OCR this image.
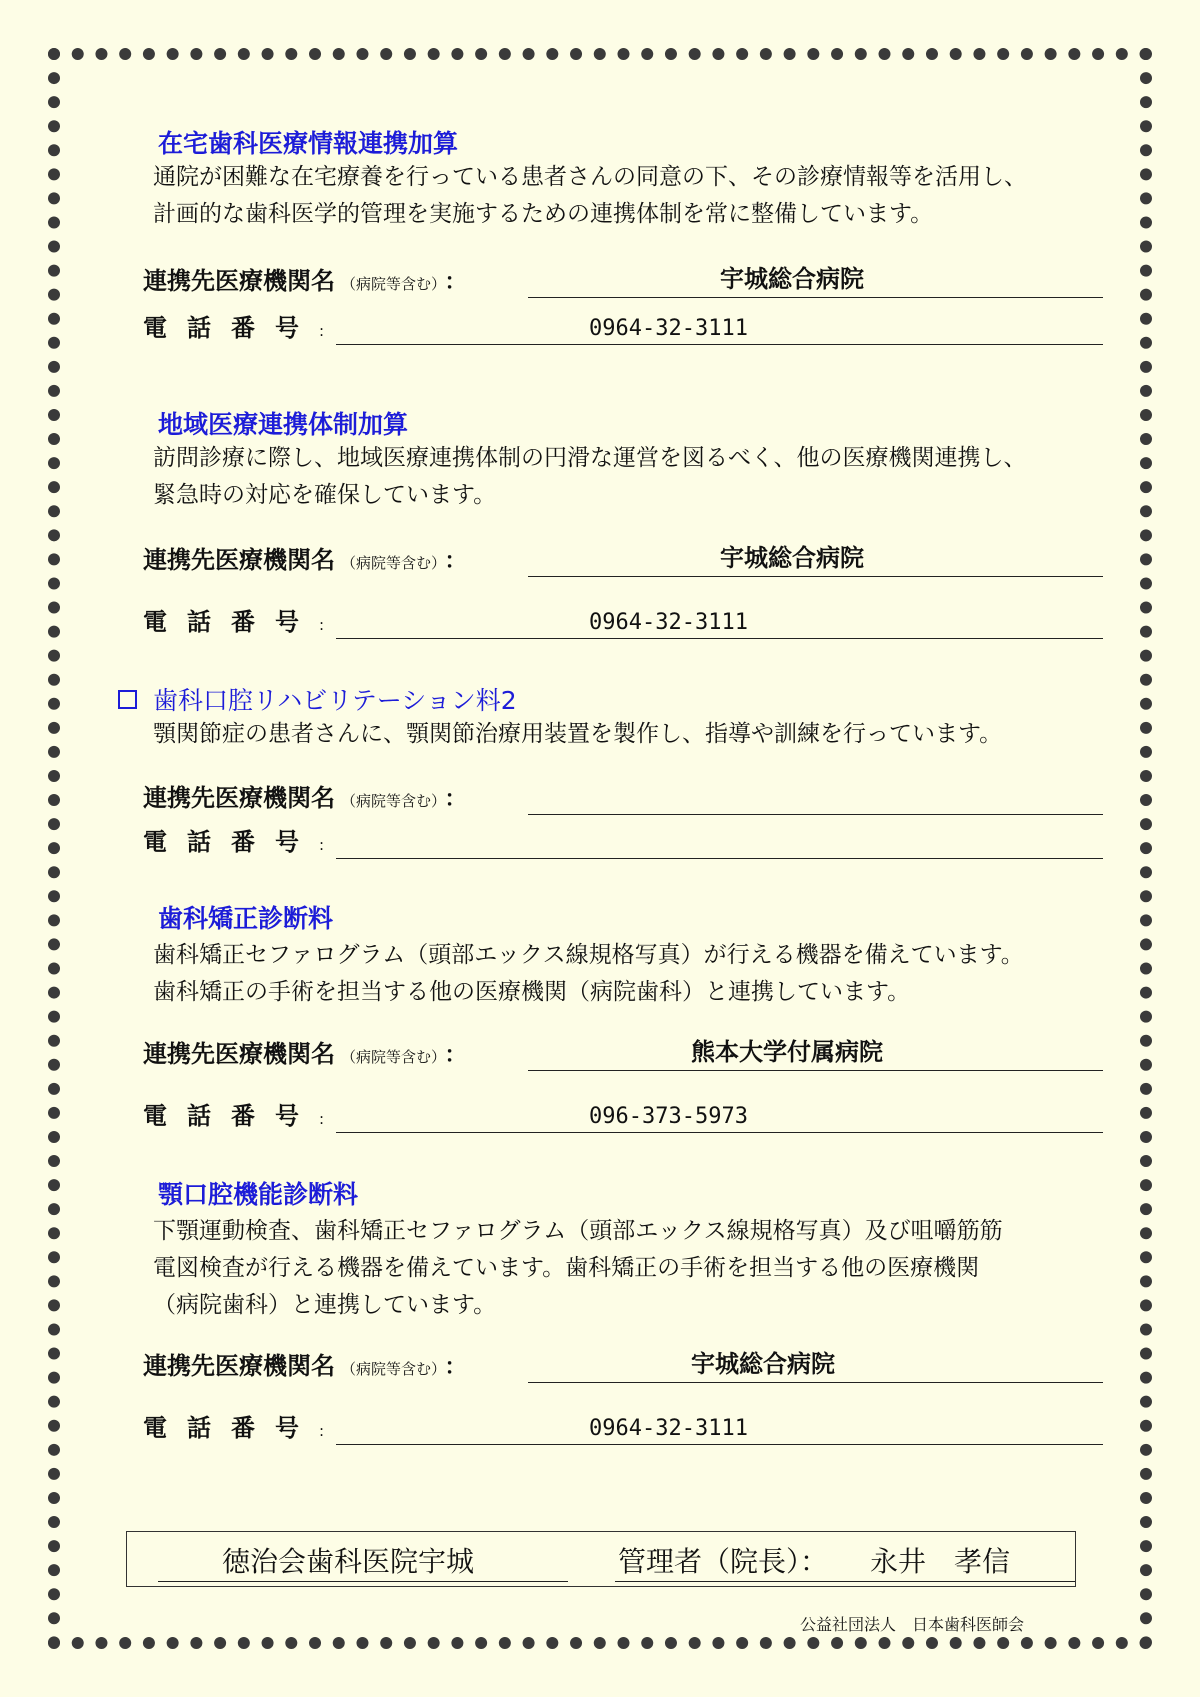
在宅歯科医療情報連携加算
通院が困難な在宅療養を行っている患者さんの同意の下、その診療情報等を活用し、
計画的な歯科医学的管理を実施するための連携体制を常に整備しています。
連携先医療機関名 （病院等含む） ：	宇城総合病院
電話番号:	0964-32-3111
地域医療連携体制加算
訪問診療に際し、地域医療連携体制の円滑な運営を図るべく、他の医療機関連携し、
緊急時の対応を確保しています。
連携先医療機関名 （病院等含む） ：	宇城総合病院
電話番号:	0964-32-3111
歯科口腔リハビリテーション料2
顎関節症の患者さんに、顎関節治療用装置を製作し、指導や訓練を行っています。
連携先医療機関名 （病院等含む） ：
電話番号:
歯科矯正診断料
歯科矯正セファログラム（頭部エックス線規格写真）が行える機器を備えています。
歯科矯正の手術を担当する他の医療機関（病院歯科）と連携しています。
連携先医療機関名 （病院等含む） ：	熊本大学付属病院
電話番号:	096-373-5973
顎口腔機能診断料
下顎運動検査、歯科矯正セファログラム（頭部エックス線規格写真）及び咀嚼筋筋
電図検査が行える機器を備えています。歯科矯正の手術を担当する他の医療機関
（病院歯科）と連携しています。
連携先医療機関名 （病院等含む） ：	宇城総合病院
電話番号:	0964-32-3111
徳治会歯科医院宇城	管理者（院長）： 永井　孝信
公益社団法人　日本歯科医師会
